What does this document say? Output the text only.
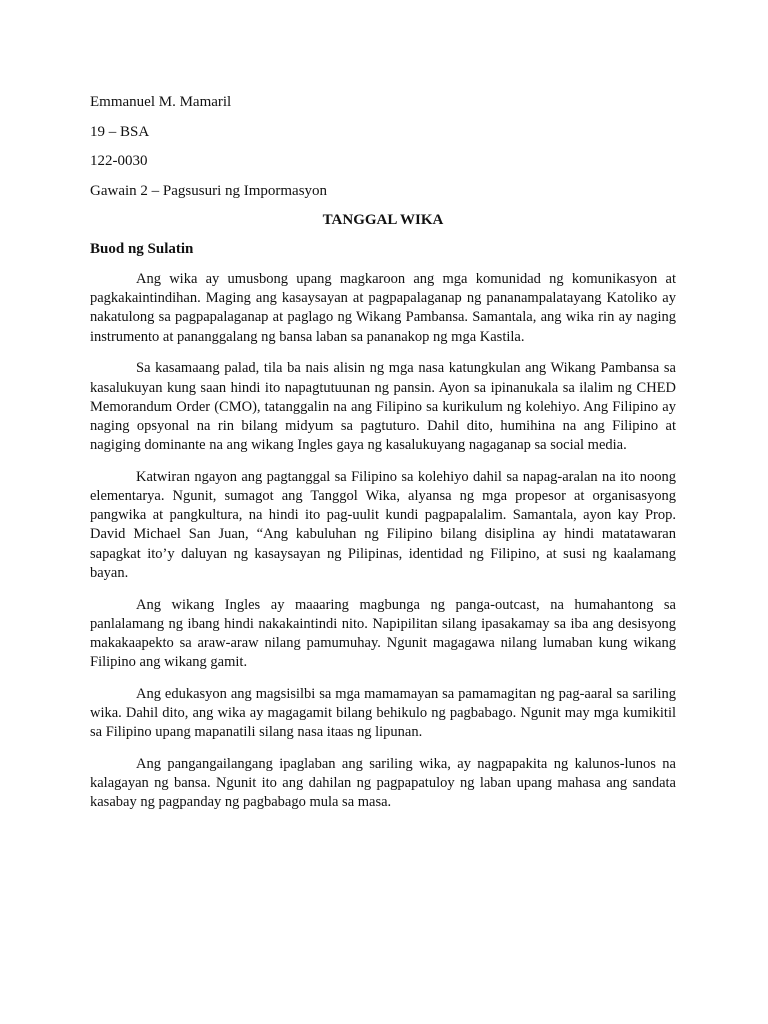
Emmanuel M. Mamaril
19 – BSA
122-0030
Gawain 2 – Pagsusuri ng Impormasyon
TANGGAL WIKA
Buod ng Sulatin

Ang wika ay umusbong upang magkaroon ang mga komunidad ng komunikasyon at pagkakaintindihan. Maging ang kasaysayan at pagpapalaganap ng pananampalatayang Katoliko ay nakatulong sa pagpapalaganap at paglago ng Wikang Pambansa. Samantala, ang wika rin ay naging instrumento at pananggalang ng bansa laban sa pananakop ng mga Kastila.

Sa kasamaang palad, tila ba nais alisin ng mga nasa katungkulan ang Wikang Pambansa sa kasalukuyan kung saan hindi ito napagtutuunan ng pansin. Ayon sa ipinanukala sa ilalim ng CHED Memorandum Order (CMO), tatanggalin na ang Filipino sa kurikulum ng kolehiyo. Ang Filipino ay naging opsyonal na rin bilang midyum sa pagtuturo. Dahil dito, humihina na ang Filipino at nagiging dominante na ang wikang Ingles gaya ng kasalukuyang nagaganap sa social media.

Katwiran ngayon ang pagtanggal sa Filipino sa kolehiyo dahil sa napag-aralan na ito noong elementarya. Ngunit, sumagot ang Tanggol Wika, alyansa ng mga propesor at organisasyong pangwika at pangkultura, na hindi ito pag-uulit kundi pagpapalalim. Samantala, ayon kay Prop. David Michael San Juan, “Ang kabuluhan ng Filipino bilang disiplina ay hindi matatawaran sapagkat ito’y daluyan ng kasaysayan ng Pilipinas, identidad ng Filipino, at susi ng kaalamang bayan.

Ang wikang Ingles ay maaaring magbunga ng panga-outcast, na humahantong sa panlalamang ng ibang hindi nakakaintindi nito. Napipilitan silang ipasakamay sa iba ang desisyong makakaapekto sa araw-araw nilang pamumuhay. Ngunit magagawa nilang lumaban kung wikang Filipino ang wikang gamit.

Ang edukasyon ang magsisilbi sa mga mamamayan sa pamamagitan ng pag-aaral sa sariling wika. Dahil dito, ang wika ay magagamit bilang behikulo ng pagbabago. Ngunit may mga kumikitil sa Filipino upang mapanatili silang nasa itaas ng lipunan.

Ang pangangailangang ipaglaban ang sariling wika, ay nagpapakita ng kalunos-lunos na kalagayan ng bansa. Ngunit ito ang dahilan ng pagpapatuloy ng laban upang mahasa ang sandata kasabay ng pagpanday ng pagbabago mula sa masa.
